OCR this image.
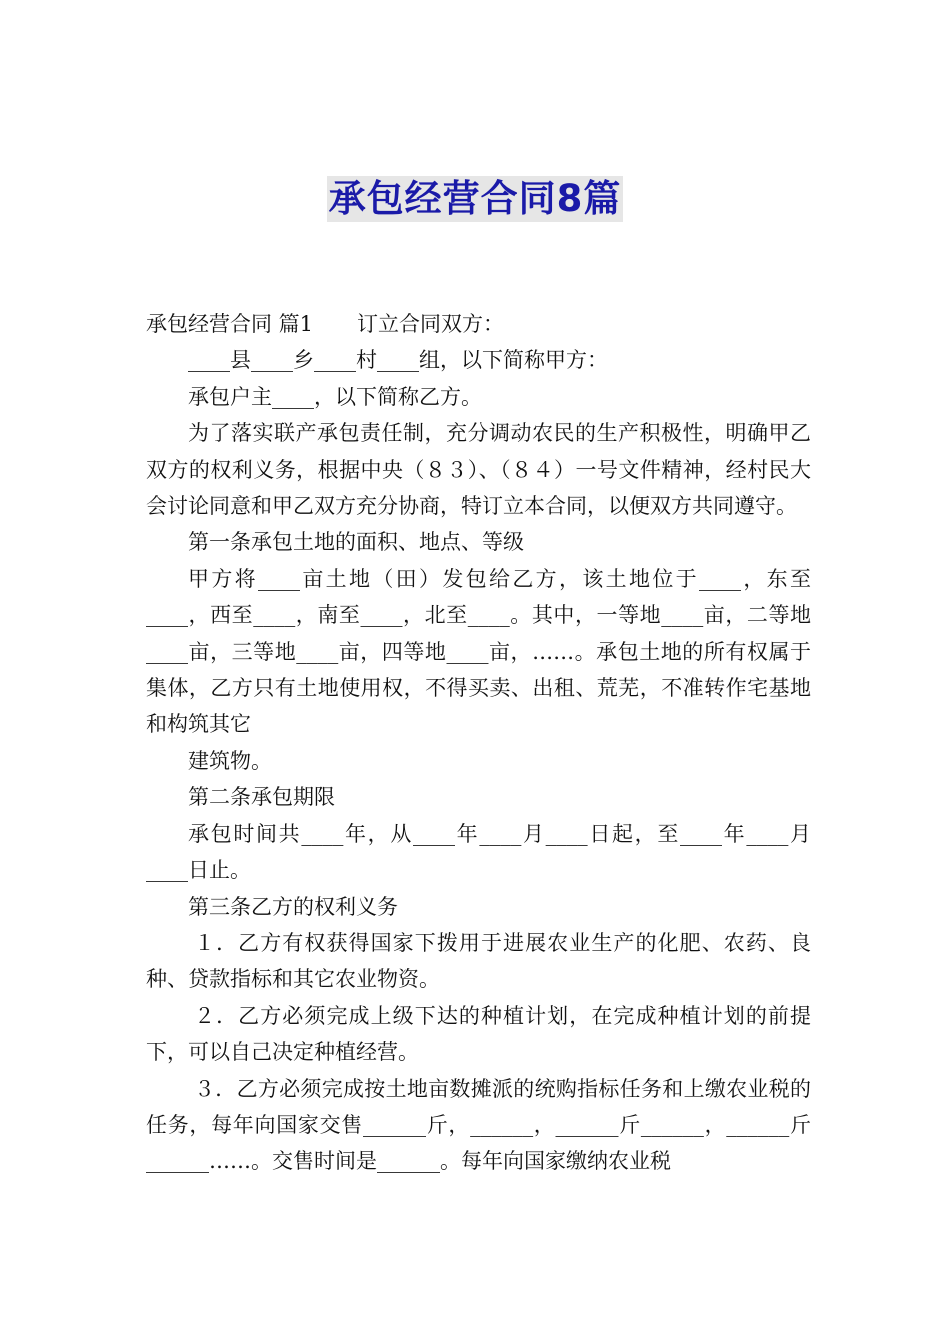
承包经营合同8篇

承包经营合同 篇1 订立合同双方：

____县____乡____村____组，以下简称甲方：

承包户主____，以下简称乙方。

为了落实联产承包责任制，充分调动农民的生产积极性，明确甲乙双方的权利义务，根据中央（８３）、（８４）一号文件精神，经村民大会讨论同意和甲乙双方充分协商，特订立本合同，以便双方共同遵守。

第一条承包土地的面积、地点、等级

甲方将____亩土地（田）发包给乙方，该土地位于____，东至____，西至____，南至____，北至____。其中，一等地____亩，二等地____亩，三等地____亩，四等地____亩，……。承包土地的所有权属于集体，乙方只有土地使用权，不得买卖、出租、荒芜，不准转作宅基地和构筑其它

建筑物。

第二条承包期限

承包时间共____年，从____年____月____日起，至____年____月____日止。

第三条乙方的权利义务

１．乙方有权获得国家下拨用于进展农业生产的化肥、农药、良种、贷款指标和其它农业物资。

２．乙方必须完成上级下达的种植计划，在完成种植计划的前提下，可以自己决定种植经营。

３．乙方必须完成按土地亩数摊派的统购指标任务和上缴农业税的任务，每年向国家交售______斤，______，______斤______，______斤______……。交售时间是______。每年向国家缴纳农业税
